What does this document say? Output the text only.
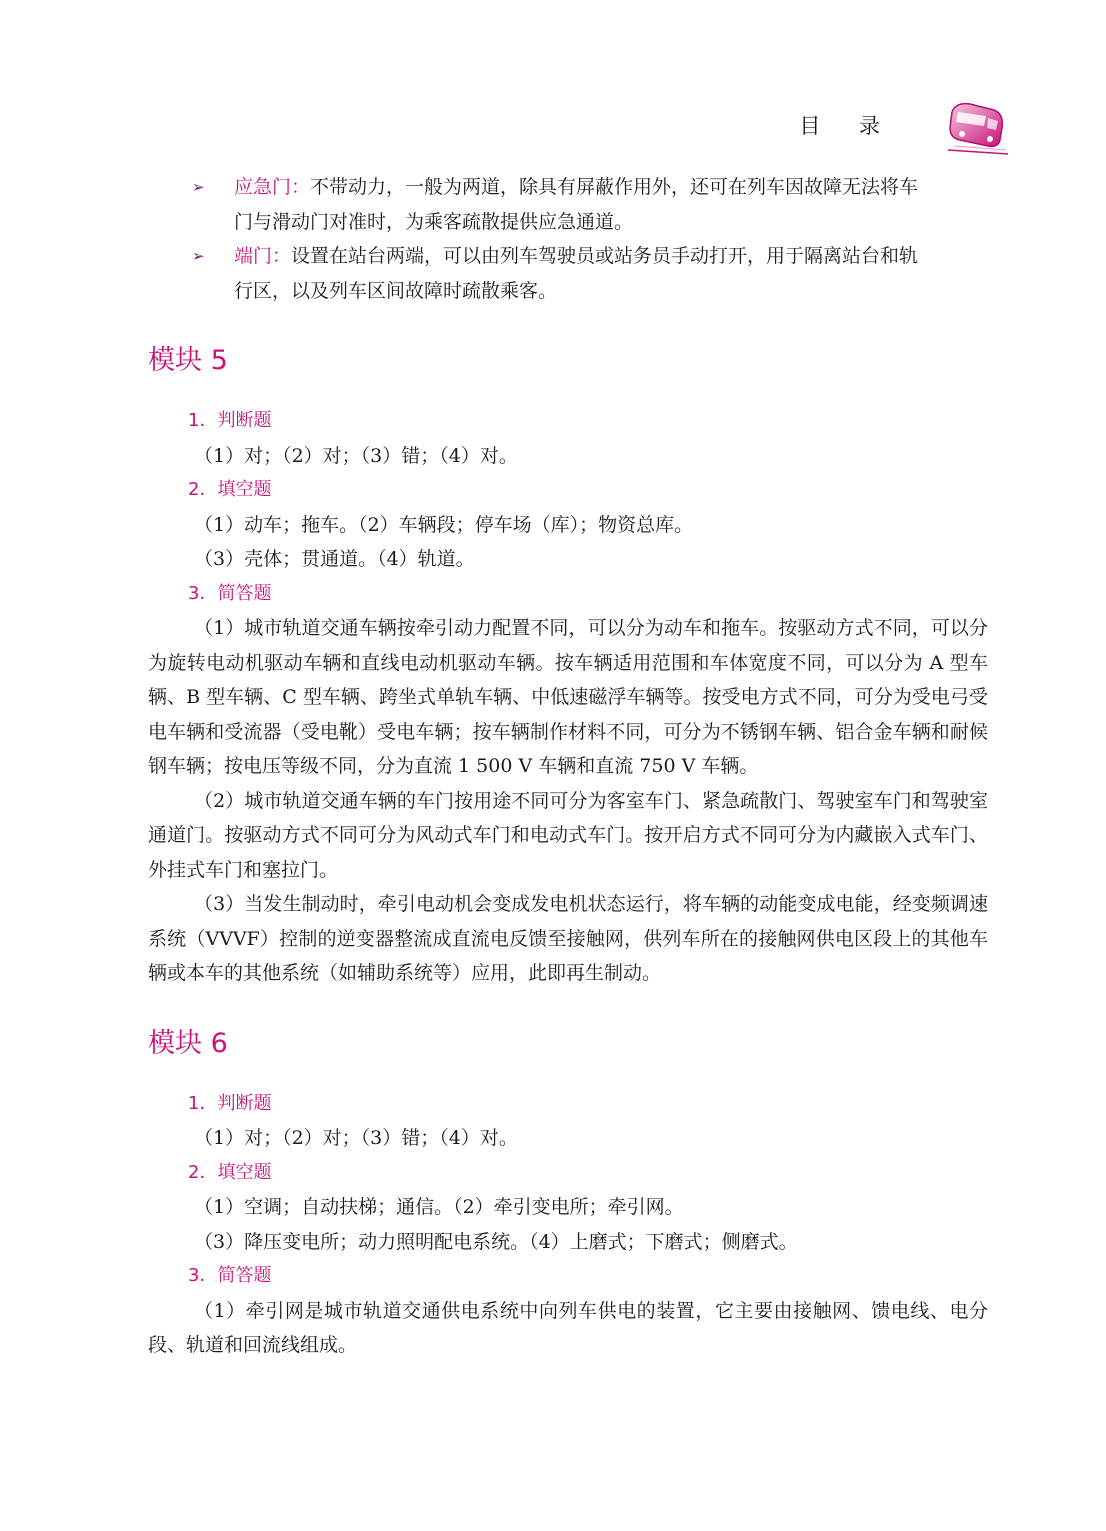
目 录
➢ 应急门：不带动力，一般为两道，除具有屏蔽作用外，还可在列车因故障无法将车
门与滑动门对准时，为乘客疏散提供应急通道。
➢ 端门：设置在站台两端，可以由列车驾驶员或站务员手动打开，用于隔离站台和轨
行区，以及列车区间故障时疏散乘客。
模块 5
1．判断题
（1）对；（2）对；（3）错；（4）对。
2．填空题
（1）动车；拖车。（2）车辆段；停车场（库）；物资总库。
（3）壳体；贯通道。（4）轨道。
3．简答题
（1）城市轨道交通车辆按牵引动力配置不同，可以分为动车和拖车。按驱动方式不同，可以分为旋转电动机驱动车辆和直线电动机驱动车辆。按车辆适用范围和车体宽度不同，可以分为 A 型车辆、B 型车辆、C 型车辆、跨坐式单轨车辆、中低速磁浮车辆等。按受电方式不同，可分为受电弓受电车辆和受流器（受电靴）受电车辆；按车辆制作材料不同，可分为不锈钢车辆、铝合金车辆和耐候钢车辆；按电压等级不同，分为直流 1 500 V 车辆和直流 750 V 车辆。
（2）城市轨道交通车辆的车门按用途不同可分为客室车门、紧急疏散门、驾驶室车门和驾驶室通道门。按驱动方式不同可分为风动式车门和电动式车门。按开启方式不同可分为内藏嵌入式车门、外挂式车门和塞拉门。
（3）当发生制动时，牵引电动机会变成发电机状态运行，将车辆的动能变成电能，经变频调速系统（VVVF）控制的逆变器整流成直流电反馈至接触网，供列车所在的接触网供电区段上的其他车辆或本车的其他系统（如辅助系统等）应用，此即再生制动。
模块 6
1．判断题
（1）对；（2）对；（3）错；（4）对。
2．填空题
（1）空调；自动扶梯；通信。（2）牵引变电所；牵引网。
（3）降压变电所；动力照明配电系统。（4）上磨式；下磨式；侧磨式。
3．简答题
（1）牵引网是城市轨道交通供电系统中向列车供电的装置，它主要由接触网、馈电线、电分段、轨道和回流线组成。
